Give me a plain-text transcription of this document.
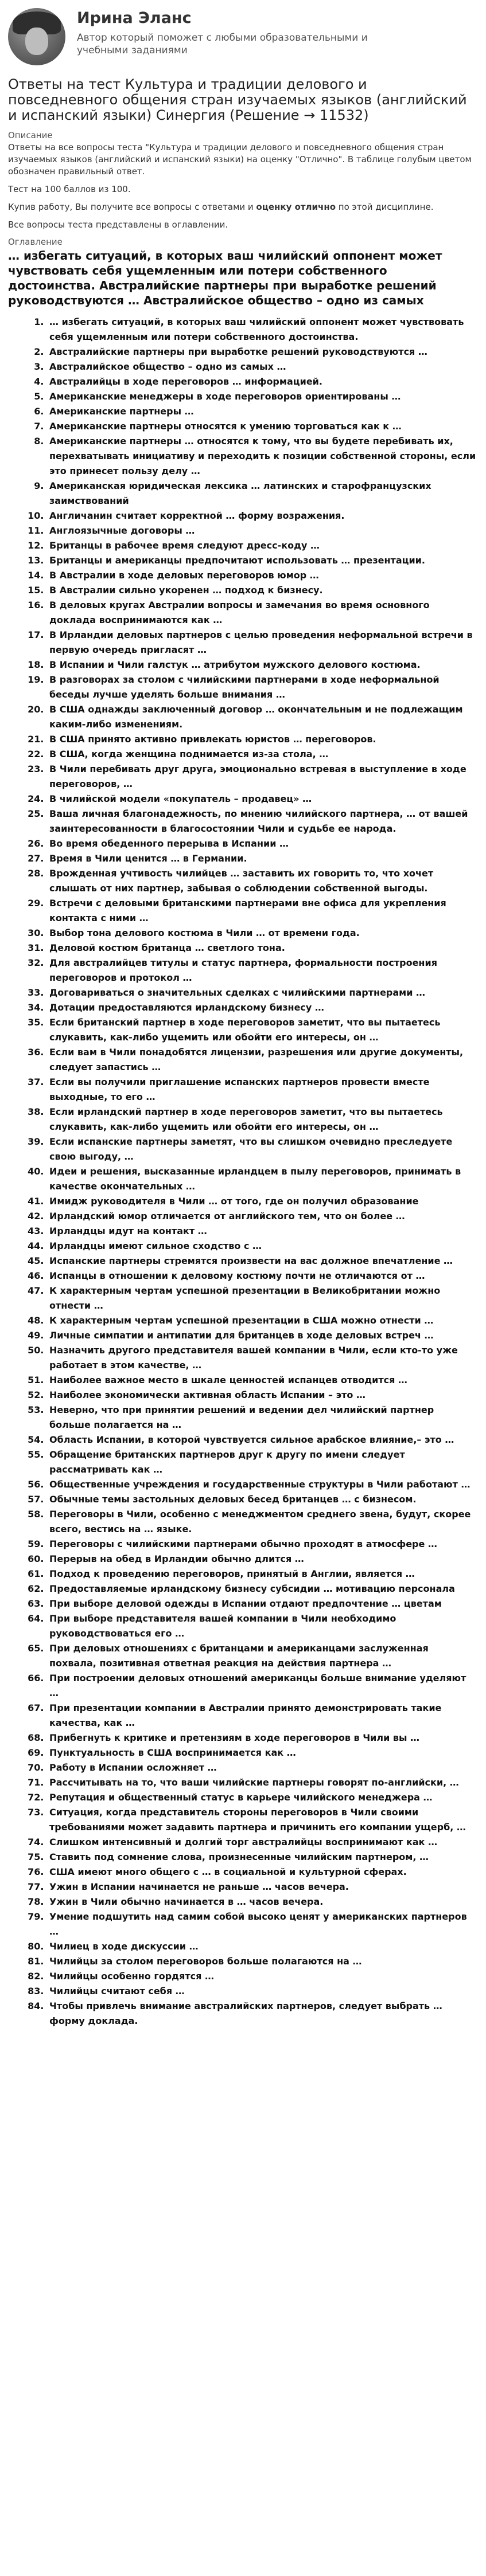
Ирина Эланс
Автор который поможет с любыми образовательными и учебными заданиями
Ответы на тест Культура и традиции делового и повседневного общения стран изучаемых языков (английский и испанский языки) Синергия (Решение → 11532)
Описание

Ответы на все вопросы теста "Культура и традиции делового и повседневного общения стран изучаемых языков (английский и испанский языки) на оценку "Отлично". В таблице голубым цветом обозначен правильный ответ.

Тест на 100 баллов из 100.

Купив работу, Вы получите все вопросы с ответами и оценку отлично по этой дисциплине.

Все вопросы теста представлены в оглавлении.

Оглавление
… избегать ситуаций, в которых ваш чилийский оппонент может чувствовать себя ущемленным или потери собственного достоинства. Австралийские партнеры при выработке решений руководствуются … Австралийское общество – одно из самых
1. … избегать ситуаций, в которых ваш чилийский оппонент может чувствовать себя ущемленным или потери собственного достоинства.
2. Австралийские партнеры при выработке решений руководствуются …
3. Австралийское общество – одно из самых …
4. Австралийцы в ходе переговоров … информацией.
5. Американские менеджеры в ходе переговоров ориентированы …
6. Американские партнеры …
7. Американские партнеры относятся к умению торговаться как к …
8. Американские партнеры … относятся к тому, что вы будете перебивать их, перехватывать инициативу и переходить к позиции собственной стороны, если это принесет пользу делу …
9. Американская юридическая лексика … латинских и старофранцузских заимствований
10. Англичанин считает корректной … форму возражения.
11. Англоязычные договоры …
12. Британцы в рабочее время следуют дресс-коду …
13. Британцы и американцы предпочитают использовать … презентации.
14. В Австралии в ходе деловых переговоров юмор …
15. В Австралии сильно укоренен … подход к бизнесу.
16. В деловых кругах Австралии вопросы и замечания во время основного доклада воспринимаются как …
17. В Ирландии деловых партнеров с целью проведения неформальной встречи в первую очередь пригласят …
18. В Испании и Чили галстук … атрибутом мужского делового костюма.
19. В разговорах за столом с чилийскими партнерами в ходе неформальной беседы лучше уделять больше внимания …
20. В США однажды заключенный договор … окончательным и не подлежащим каким-либо изменениям.
21. В США принято активно привлекать юристов … переговоров.
22. В США, когда женщина поднимается из-за стола, …
23. В Чили перебивать друг друга, эмоционально встревая в выступление в ходе переговоров, …
24. В чилийской модели «покупатель – продавец» …
25. Ваша личная благонадежность, по мнению чилийского партнера, … от вашей заинтересованности в благосостоянии Чили и судьбе ее народа.
26. Во время обеденного перерыва в Испании …
27. Время в Чили ценится … в Германии.
28. Врожденная учтивость чилийцев … заставить их говорить то, что хочет слышать от них партнер, забывая о соблюдении собственной выгоды.
29. Встречи с деловыми британскими партнерами вне офиса для укрепления контакта с ними …
30. Выбор тона делового костюма в Чили … от времени года.
31. Деловой костюм британца … светлого тона.
32. Для австралийцев титулы и статус партнера, формальности построения переговоров и протокол …
33. Договариваться о значительных сделках с чилийскими партнерами …
34. Дотации предоставляются ирландскому бизнесу …
35. Если британский партнер в ходе переговоров заметит, что вы пытаетесь слукавить, как-либо ущемить или обойти его интересы, он …
36. Если вам в Чили понадобятся лицензии, разрешения или другие документы, следует запастись …
37. Если вы получили приглашение испанских партнеров провести вместе выходные, то его …
38. Если ирландский партнер в ходе переговоров заметит, что вы пытаетесь слукавить, как-либо ущемить или обойти его интересы, он …
39. Если испанские партнеры заметят, что вы слишком очевидно преследуете свою выгоду, …
40. Идеи и решения, высказанные ирландцем в пылу переговоров, принимать в качестве окончательных …
41. Имидж руководителя в Чили … от того, где он получил образование
42. Ирландский юмор отличается от английского тем, что он более …
43. Ирландцы идут на контакт …
44. Ирландцы имеют сильное сходство с …
45. Испанские партнеры стремятся произвести на вас должное впечатление …
46. Испанцы в отношении к деловому костюму почти не отличаются от …
47. К характерным чертам успешной презентации в Великобритании можно отнести …
48. К характерным чертам успешной презентации в США можно отнести …
49. Личные симпатии и антипатии для британцев в ходе деловых встреч …
50. Назначить другого представителя вашей компании в Чили, если кто-то уже работает в этом качестве, …
51. Наиболее важное место в шкале ценностей испанцев отводится …
52. Наиболее экономически активная область Испании – это …
53. Неверно, что при принятии решений и ведении дел чилийский партнер больше полагается на …
54. Область Испании, в которой чувствуется сильное арабское влияние,– это …
55. Обращение британских партнеров друг к другу по имени следует рассматривать как …
56. Общественные учреждения и государственные структуры в Чили работают …
57. Обычные темы застольных деловых бесед британцев … с бизнесом.
58. Переговоры в Чили, особенно с менеджментом среднего звена, будут, скорее всего, вестись на … языке.
59. Переговоры с чилийскими партнерами обычно проходят в атмосфере …
60. Перерыв на обед в Ирландии обычно длится …
61. Подход к проведению переговоров, принятый в Англии, является …
62. Предоставляемые ирландскому бизнесу субсидии … мотивацию персонала
63. При выборе деловой одежды в Испании отдают предпочтение … цветам
64. При выборе представителя вашей компании в Чили необходимо руководствоваться его …
65. При деловых отношениях с британцами и американцами заслуженная похвала, позитивная ответная реакция на действия партнера …
66. При построении деловых отношений американцы больше внимание уделяют …
67. При презентации компании в Австралии принято демонстрировать такие качества, как …
68. Прибегнуть к критике и претензиям в ходе переговоров в Чили вы …
69. Пунктуальность в США воспринимается как …
70. Работу в Испании осложняет …
71. Рассчитывать на то, что ваши чилийские партнеры говорят по-английски, …
72. Репутация и общественный статус в карьере чилийского менеджера …
73. Ситуация, когда представитель стороны переговоров в Чили своими требованиями может задавить партнера и причинить его компании ущерб, …
74. Слишком интенсивный и долгий торг австралийцы воспринимают как …
75. Ставить под сомнение слова, произнесенные чилийским партнером, …
76. США имеют много общего с … в социальной и культурной сферах.
77. Ужин в Испании начинается не раньше … часов вечера.
78. Ужин в Чили обычно начинается в … часов вечера.
79. Умение подшутить над самим собой высоко ценят у американских партнеров …
80. Чилиец в ходе дискуссии …
81. Чилийцы за столом переговоров больше полагаются на …
82. Чилийцы особенно гордятся …
83. Чилийцы считают себя …
84. Чтобы привлечь внимание австралийских партнеров, следует выбрать … форму доклада.
